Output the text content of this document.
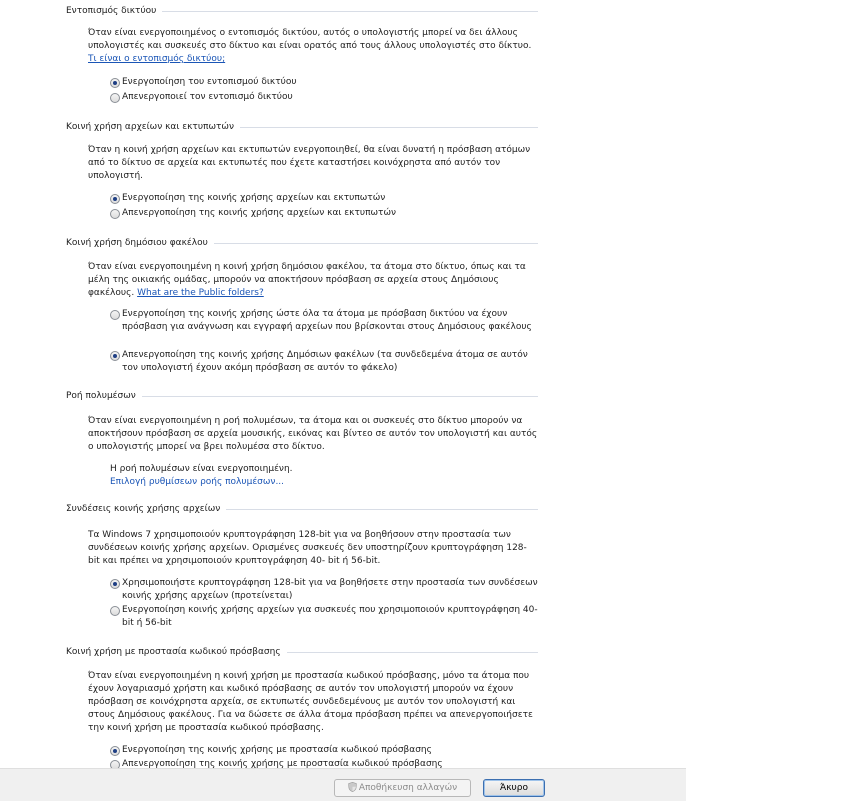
Εντοπισμός δικτύου
Όταν είναι ενεργοποιημένος ο εντοπισμός δικτύου, αυτός ο υπολογιστής μπορεί να δει άλλους υπολογιστές και συσκευές στο δίκτυο και είναι ορατός από τους άλλους υπολογιστές στο δίκτυο.
Τι είναι ο εντοπισμός δικτύου;
Ενεργοποίηση του εντοπισμού δικτύου
Απενεργοποιεί τον εντοπισμό δικτύου
Κοινή χρήση αρχείων και εκτυπωτών
Όταν η κοινή χρήση αρχείων και εκτυπωτών ενεργοποιηθεί, θα είναι δυνατή η πρόσβαση ατόμων από το δίκτυο σε αρχεία και εκτυπωτές που έχετε καταστήσει κοινόχρηστα από αυτόν τον υπολογιστή.
Ενεργοποίηση της κοινής χρήσης αρχείων και εκτυπωτών
Απενεργοποίηση της κοινής χρήσης αρχείων και εκτυπωτών
Κοινή χρήση δημόσιου φακέλου
Όταν είναι ενεργοποιημένη η κοινή χρήση δημόσιου φακέλου, τα άτομα στο δίκτυο, όπως και τα μέλη της οικιακής ομάδας, μπορούν να αποκτήσουν πρόσβαση σε αρχεία στους Δημόσιους φακέλους. What are the Public folders?
Ενεργοποίηση της κοινής χρήσης ώστε όλα τα άτομα με πρόσβαση δικτύου να έχουν πρόσβαση για ανάγνωση και εγγραφή αρχείων που βρίσκονται στους Δημόσιους φακέλους
Απενεργοποίηση της κοινής χρήσης Δημόσιων φακέλων (τα συνδεδεμένα άτομα σε αυτόν τον υπολογιστή έχουν ακόμη πρόσβαση σε αυτόν το φάκελο)
Ροή πολυμέσων
Όταν είναι ενεργοποιημένη η ροή πολυμέσων, τα άτομα και οι συσκευές στο δίκτυο μπορούν να αποκτήσουν πρόσβαση σε αρχεία μουσικής, εικόνας και βίντεο σε αυτόν τον υπολογιστή και αυτός ο υπολογιστής μπορεί να βρει πολυμέσα στο δίκτυο.
Η ροή πολυμέσων είναι ενεργοποιημένη.
Επιλογή ρυθμίσεων ροής πολυμέσων...
Συνδέσεις κοινής χρήσης αρχείων
Τα Windows 7 χρησιμοποιούν κρυπτογράφηση 128-bit για να βοηθήσουν στην προστασία των συνδέσεων κοινής χρήσης αρχείων. Ορισμένες συσκευές δεν υποστηρίζουν κρυπτογράφηση 128-bit και πρέπει να χρησιμοποιούν κρυπτογράφηση 40- bit ή 56-bit.
Χρησιμοποιήστε κρυπτογράφηση 128-bit για να βοηθήσετε στην προστασία των συνδέσεων κοινής χρήσης αρχείων (προτείνεται)
Ενεργοποίηση κοινής χρήσης αρχείων για συσκευές που χρησιμοποιούν κρυπτογράφηση 40-bit ή 56-bit
Κοινή χρήση με προστασία κωδικού πρόσβασης
Όταν είναι ενεργοποιημένη η κοινή χρήση με προστασία κωδικού πρόσβασης, μόνο τα άτομα που έχουν λογαριασμό χρήστη και κωδικό πρόσβασης σε αυτόν τον υπολογιστή μπορούν να έχουν πρόσβαση σε κοινόχρηστα αρχεία, σε εκτυπωτές συνδεδεμένους με αυτόν τον υπολογιστή και στους Δημόσιους φακέλους. Για να δώσετε σε άλλα άτομα πρόσβαση πρέπει να απενεργοποιήσετε την κοινή χρήση με προστασία κωδικού πρόσβασης.
Ενεργοποίηση της κοινής χρήσης με προστασία κωδικού πρόσβασης
Απενεργοποίηση της κοινής χρήσης με προστασία κωδικού πρόσβασης
Αποθήκευση αλλαγών	Άκυρο
